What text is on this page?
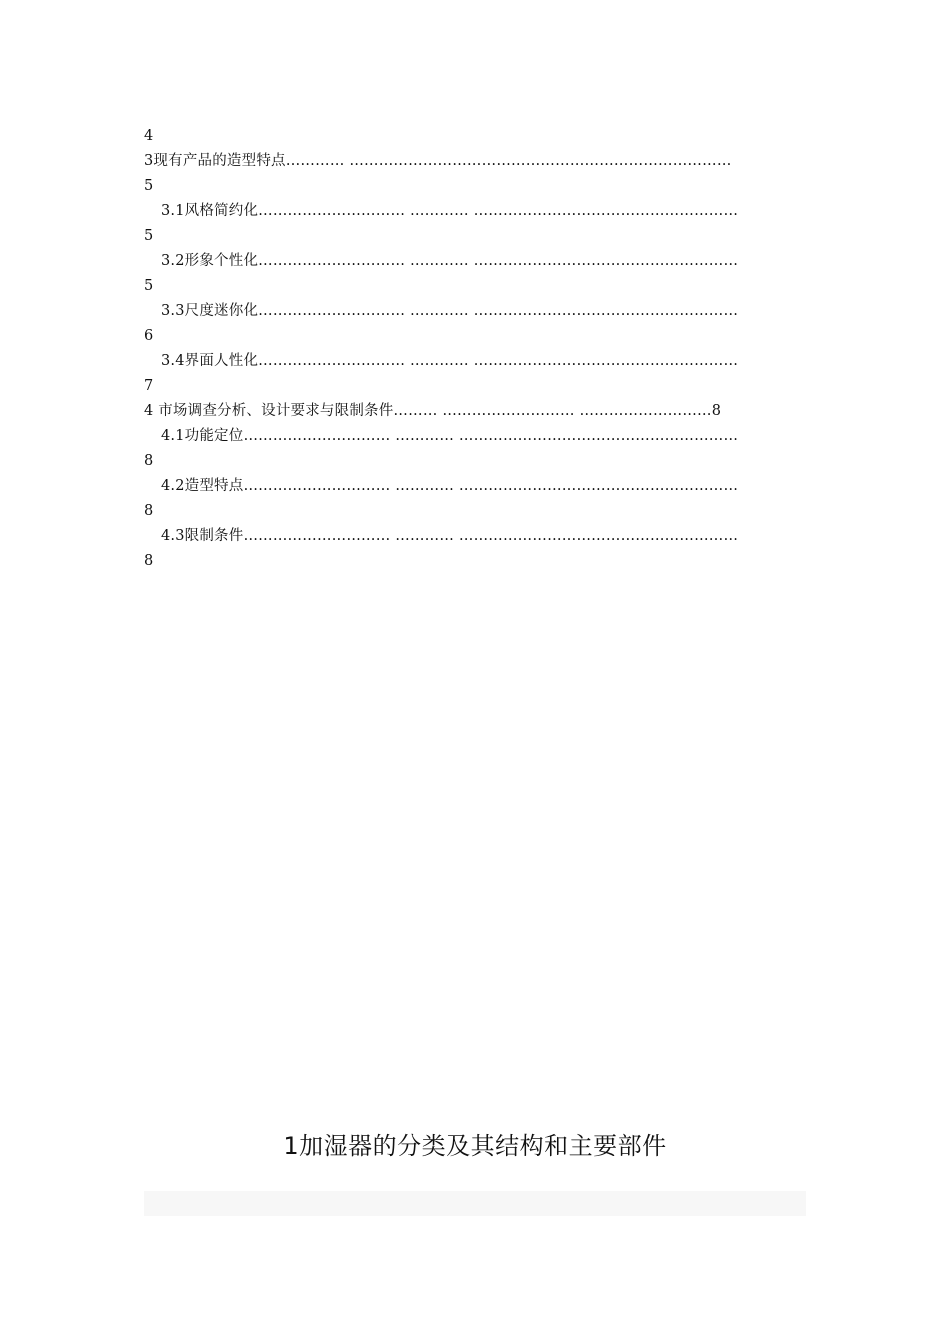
4
3现有产品的造型特点………… ……………………………………………………………………
5
3.1风格简约化………………………… ………… ………………………………………………
5
3.2形象个性化………………………… ………… ………………………………………………
5
3.3尺度迷你化………………………… ………… ………………………………………………
6
3.4界面人性化………………………… ………… ………………………………………………
7
4 市场调查分析、设计要求与限制条件……… ……………………… ………………………8
4.1功能定位………………………… ………… …………………………………………………
8
4.2造型特点………………………… ………… …………………………………………………
8
4.3限制条件………………………… ………… …………………………………………………
8
1加湿器的分类及其结构和主要部件
